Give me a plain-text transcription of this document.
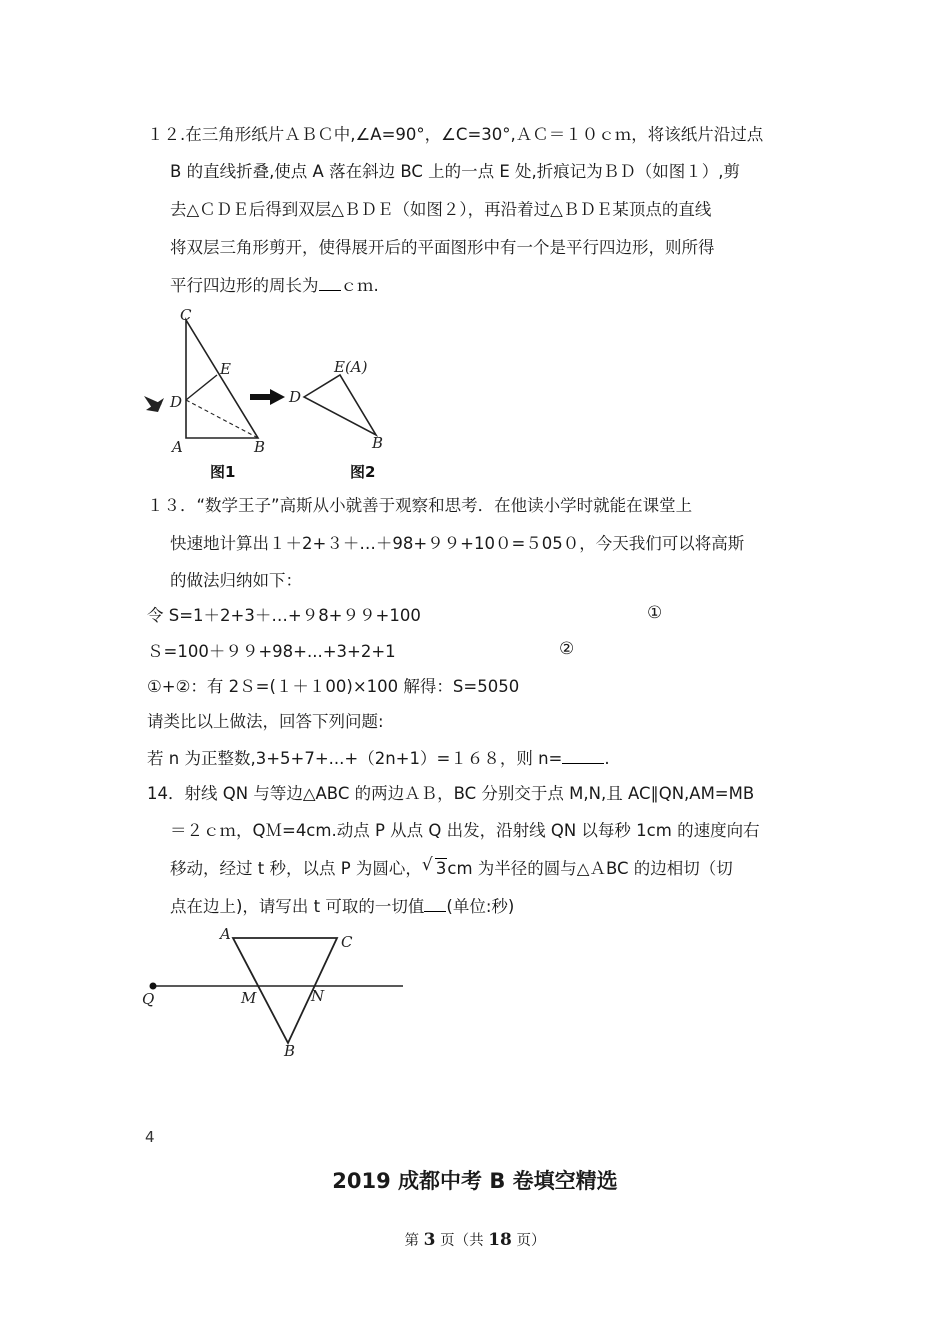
１２.在三角形纸片ＡＢＣ中,∠A=90°，∠C=30°,ＡＣ＝１０ｃｍ，将该纸片沿过点
B 的直线折叠,使点 A 落在斜边 BC 上的一点 E 处,折痕记为ＢＤ（如图１）,剪
去△ＣＤＥ后得到双层△ＢＤＥ（如图２），再沿着过△ＢＤＥ某顶点的直线
将双层三角形剪开，使得展开后的平面图形中有一个是平行四边形，则所得
平行四边形的周长为 ｃｍ.
C
E
D
A	B
图1
E(A)
D
B
图2
１３．“数学王子”高斯从小就善于观察和思考．在他读小学时就能在课堂上
快速地计算出１＋2+３＋…＋98+９９+10０=５05０，今天我们可以将高斯
的做法归纳如下：
令 S=1＋2+3＋…+９8+９９+100	①
Ｓ=100＋９９+98+...+3+2+1	②
①+②：有 2Ｓ=(１＋１00)×100 解得：S=5050
请类比以上做法，回答下列问题:
若 n 为正整数,3+5+7+...+（2n+1）=１６８，则 n=	.
14．射线 QN 与等边△ABC 的两边ＡＢ，BC 分别交于点 M,N,且 AC∥QN,AM=MB
＝２ｃｍ，QＭ=4cm.动点 P 从点 Q 出发，沿射线 QN 以每秒 1cm 的速度向右
移动，经过 t 秒，以点 P 为圆心， √ 3cm 为半径的圆与△ＡBC 的边相切（切
点在边上)，请写出 t 可取的一切值 (单位:秒)
A	C
Q	M	N
B
4
2019 成都中考 B 卷填空精选
第 3 页（共 18 页）
